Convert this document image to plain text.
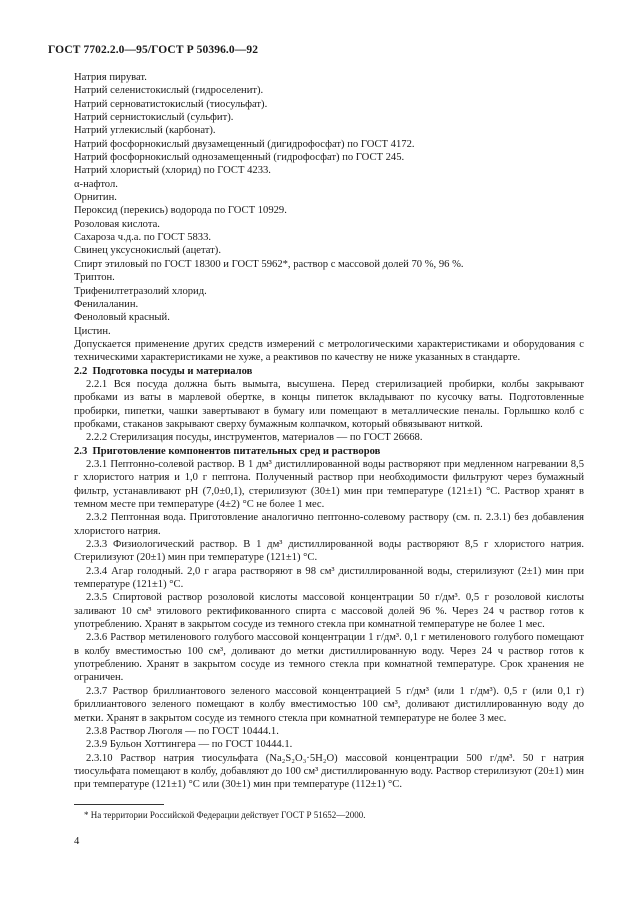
ГОСТ 7702.2.0—95/ГОСТ Р 50396.0—92

Натрия пируват.

Натрий селенистокислый (гидроселенит).

Натрий серноватистокислый (тиосульфат).

Натрий сернистокислый (сульфит).

Натрий углекислый (карбонат).

Натрий фосфорнокислый двузамещенный (дигидрофосфат) по ГОСТ 4172.

Натрий фосфорнокислый однозамещенный (гидрофосфат) по ГОСТ 245.

Натрий хлористый (хлорид) по ГОСТ 4233.

α-нафтол.

Орнитин.

Пероксид (перекись) водорода по ГОСТ 10929.

Розоловая кислота.

Сахароза ч.д.а. по ГОСТ 5833.

Свинец уксуснокислый (ацетат).

Спирт этиловый по ГОСТ 18300 и ГОСТ 5962*, раствор с массовой долей 70 %, 96 %.

Триптон.

Трифенилтетразолий хлорид.

Фенилаланин.

Феноловый красный.

Цистин.

Допускается применение других средств измерений с метрологическими характеристиками и оборудования с техническими характеристиками не хуже, а реактивов по качеству не ниже указанных в стандарте.

2.2 Подготовка посуды и материалов

2.2.1 Вся посуда должна быть вымыта, высушена. Перед стерилизацией пробирки, колбы закрывают пробками из ваты в марлевой обертке, в концы пипеток вкладывают по кусочку ваты. Подготовленные пробирки, пипетки, чашки завертывают в бумагу или помещают в металлические пеналы. Горлышко колб с пробками, стаканов закрывают сверху бумажным колпачком, который обвязывают ниткой.

2.2.2 Стерилизация посуды, инструментов, материалов — по ГОСТ 26668.

2.3 Приготовление компонентов питательных сред и растворов

2.3.1 Пептонно-солевой раствор. В 1 дм³ дистиллированной воды растворяют при медленном нагревании 8,5 г хлористого натрия и 1,0 г пептона. Полученный раствор при необходимости фильтруют через бумажный фильтр, устанавливают pH (7,0±0,1), стерилизуют (30±1) мин при температуре (121±1) °С. Раствор хранят в темном месте при температуре (4±2) °С не более 1 мес.

2.3.2 Пептонная вода. Приготовление аналогично пептонно-солевому раствору (см. п. 2.3.1) без добавления хлористого натрия.

2.3.3 Физиологический раствор. В 1 дм³ дистиллированной воды растворяют 8,5 г хлористого натрия. Стерилизуют (20±1) мин при температуре (121±1) °С.

2.3.4 Агар голодный. 2,0 г агара растворяют в 98 см³ дистиллированной воды, стерилизуют (2±1) мин при температуре (121±1) °С.

2.3.5 Спиртовой раствор розоловой кислоты массовой концентрации 50 г/дм³. 0,5 г розоловой кислоты заливают 10 см³ этилового ректификованного спирта с массовой долей 96 %. Через 24 ч раствор готов к употреблению. Хранят в закрытом сосуде из темного стекла при комнатной температуре не более 1 мес.

2.3.6 Раствор метиленового голубого массовой концентрации 1 г/дм³. 0,1 г метиленового голубого помещают в колбу вместимостью 100 см³, доливают до метки дистиллированную воду. Через 24 ч раствор готов к употреблению. Хранят в закрытом сосуде из темного стекла при комнатной температуре. Срок хранения не ограничен.

2.3.7 Раствор бриллиантового зеленого массовой концентрацией 5 г/дм³ (или 1 г/дм³). 0,5 г (или 0,1 г) бриллиантового зеленого помещают в колбу вместимостью 100 см³, доливают дистиллированную воду до метки. Хранят в закрытом сосуде из темного стекла при комнатной температуре не более 3 мес.

2.3.8 Раствор Люголя — по ГОСТ 10444.1.

2.3.9 Бульон Хоттингера — по ГОСТ 10444.1.

2.3.10 Раствор натрия тиосульфата (Na₂S₂O₃·5H₂O) массовой концентрации 500 г/дм³. 50 г натрия тиосульфата помещают в колбу, добавляют до 100 см³ дистиллированную воду. Раствор стерилизуют (20±1) мин при температуре (121±1) °С или (30±1) мин при температуре (112±1) °С.

* На территории Российской Федерации действует ГОСТ Р 51652—2000.
4
